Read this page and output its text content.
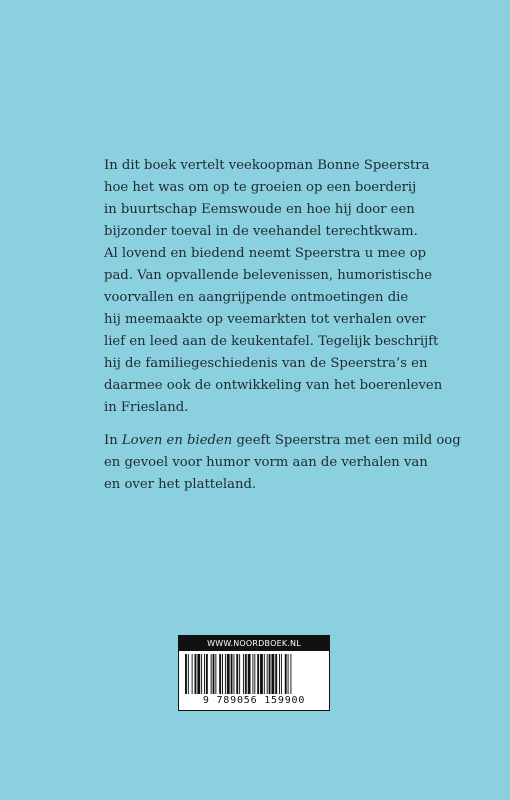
In dit boek vertelt veekoopman Bonne Speerstra
hoe het was om op te groeien op een boerderij
in buurtschap Eemswoude en hoe hij door een
bijzonder toeval in de veehandel terechtkwam.
Al lovend en biedend neemt Speerstra u mee op
pad. Van opvallende belevenissen, humoristische
voorvallen en aangrijpende ontmoetingen die
hij meemaakte op veemarkten tot verhalen over
lief en leed aan de keukentafel. Tegelijk beschrijft
hij de familiegeschiedenis van de Speerstra’s en
daarmee ook de ontwikkeling van het boerenleven
in Friesland.

In Loven en bieden geeft Speerstra met een mild oog
en gevoel voor humor vorm aan de verhalen van
en over het platteland.

WWW.NOORDBOEK.NL
9 789056 159900
